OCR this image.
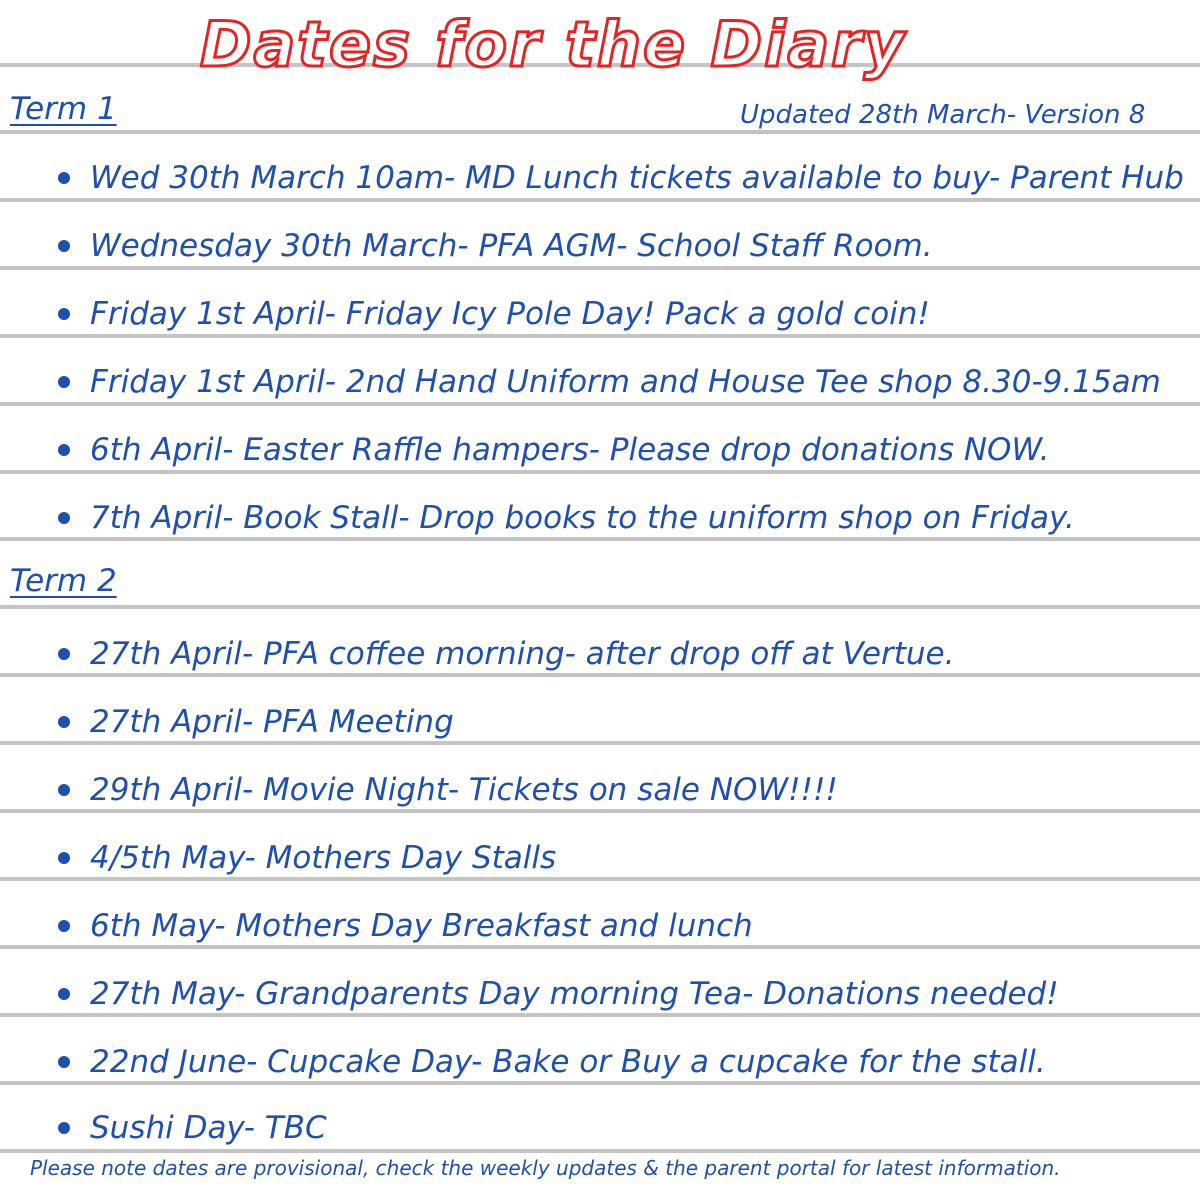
Dates for the Diary
Term 1	Updated 28th March- Version 8
Wed 30th March 10am- MD Lunch tickets available to buy- Parent Hub
Wednesday 30th March- PFA AGM- School Staff Room.
Friday 1st April- Friday Icy Pole Day! Pack a gold coin!
Friday 1st April- 2nd Hand Uniform and House Tee shop 8.30-9.15am
6th April- Easter Raffle hampers- Please drop donations NOW.
7th April- Book Stall- Drop books to the uniform shop on Friday.
Term 2
27th April- PFA coffee morning- after drop off at Vertue.
27th April- PFA Meeting
29th April- Movie Night- Tickets on sale NOW!!!!
4/5th May- Mothers Day Stalls
6th May- Mothers Day Breakfast and lunch
27th May- Grandparents Day morning Tea- Donations needed!
22nd June- Cupcake Day- Bake or Buy a cupcake for the stall.
Sushi Day- TBC
Please note dates are provisional, check the weekly updates & the parent portal for latest information.
